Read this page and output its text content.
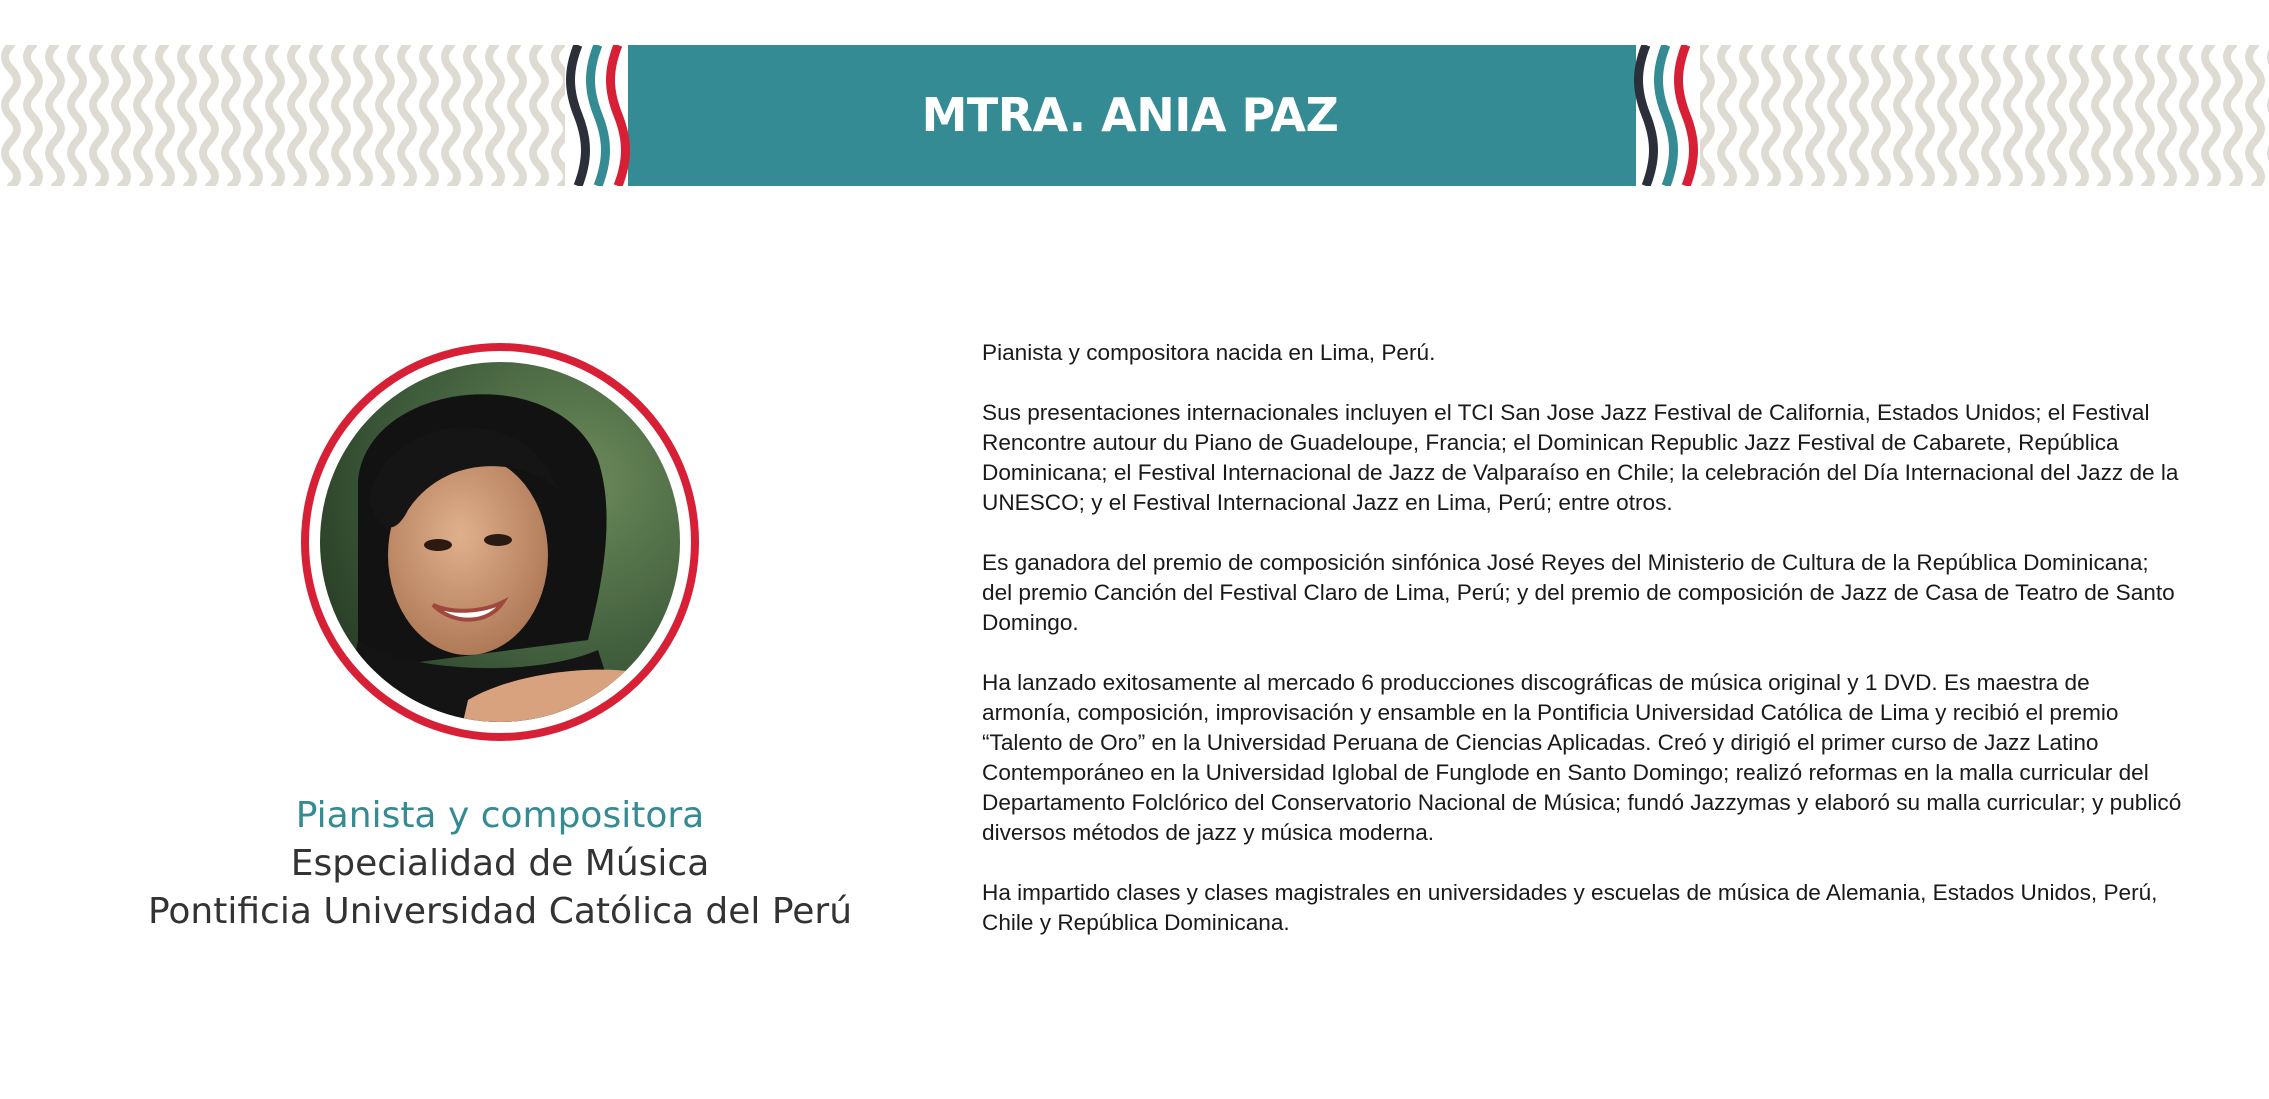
MTRA. ANIA PAZ
Pianista y compositora
Especialidad de Música
Pontificia Universidad Católica del Perú

Pianista y compositora nacida en Lima, Perú.

Sus presentaciones internacionales incluyen el TCI San Jose Jazz Festival de California, Estados Unidos; el Festival Rencontre autour du Piano de Guadeloupe, Francia; el Dominican Republic Jazz Festival de Cabarete, República Dominicana; el Festival Internacional de Jazz de Valparaíso en Chile; la celebración del Día Internacional del Jazz de la UNESCO; y el Festival Internacional Jazz en Lima, Perú; entre otros.

Es ganadora del premio de composición sinfónica José Reyes del Ministerio de Cultura de la República Dominicana; del premio Canción del Festival Claro de Lima, Perú; y del premio de composición de Jazz de Casa de Teatro de Santo Domingo.

Ha lanzado exitosamente al mercado 6 producciones discográficas de música original y 1 DVD. Es maestra de armonía, composición, improvisación y ensamble en la Pontificia Universidad Católica de Lima y recibió el premio “Talento de Oro” en la Universidad Peruana de Ciencias Aplicadas. Creó y dirigió el primer curso de Jazz Latino Contemporáneo en la Universidad Iglobal de Funglode en Santo Domingo; realizó reformas en la malla curricular del Departamento Folclórico del Conservatorio Nacional de Música; fundó Jazzymas y elaboró su malla curricular; y publicó diversos métodos de jazz y música moderna.

Ha impartido clases y clases magistrales en universidades y escuelas de música de Alemania, Estados Unidos, Perú, Chile y República Dominicana.
